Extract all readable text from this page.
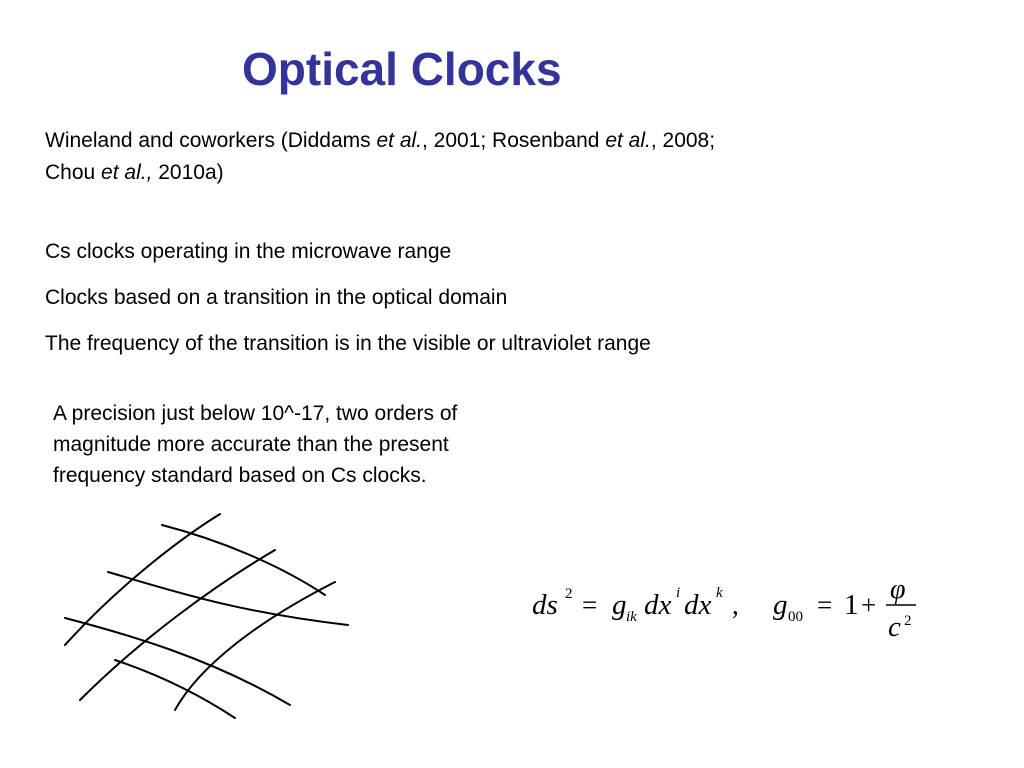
Optical Clocks
Wineland and coworkers (Diddams et al., 2001; Rosenband et al., 2008;
Chou et al., 2010a)
Cs clocks operating in the microwave range
Clocks based on a transition in the optical domain
The frequency of the transition is in the visible or ultraviolet range
A precision just below 10^-17, two orders of
magnitude more accurate than the present
frequency standard based on Cs clocks.
ds 2 = g ik dx i dx k , g 00 = 1 + φ
c 2
